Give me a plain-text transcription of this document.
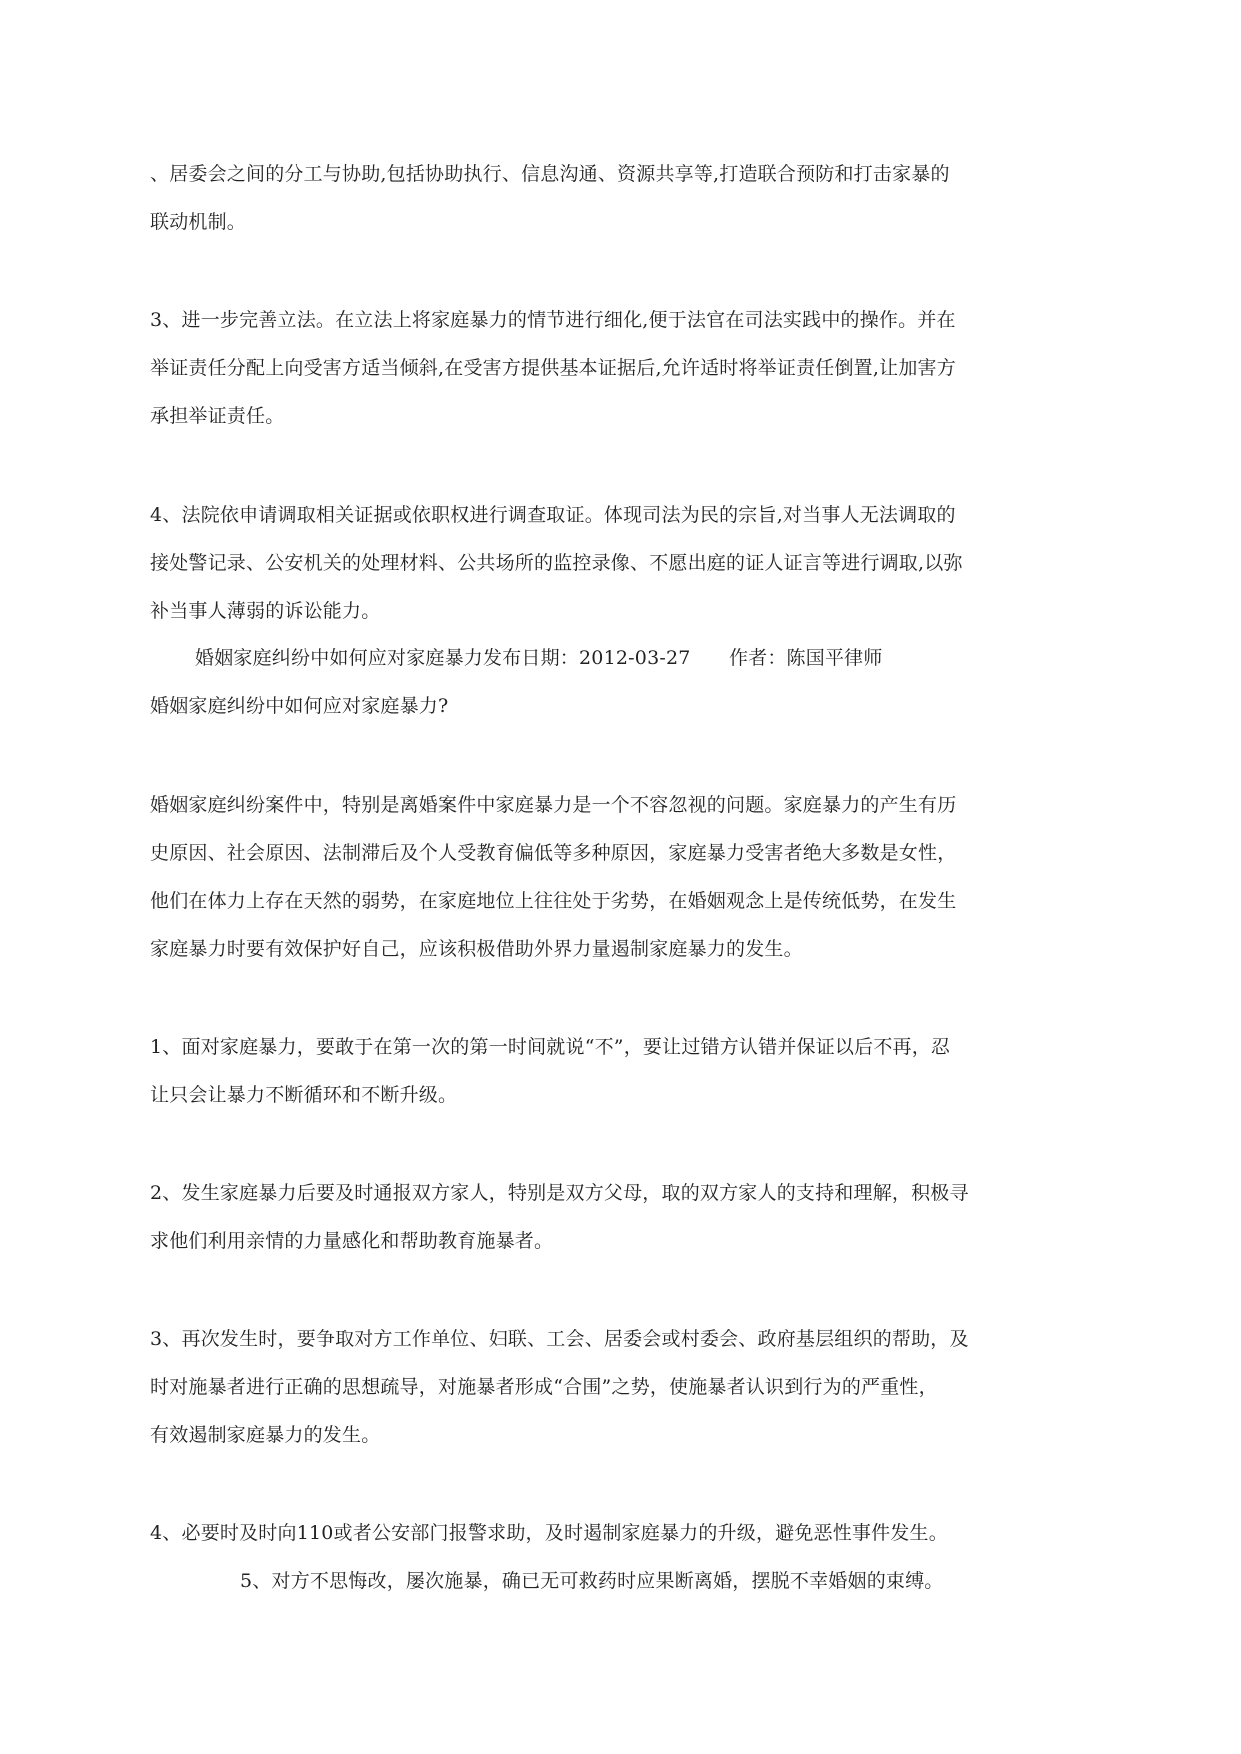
、居委会之间的分工与协助,包括协助执行、信息沟通、资源共享等,打造联合预防和打击家暴的
联动机制。
3、进一步完善立法。在立法上将家庭暴力的情节进行细化,便于法官在司法实践中的操作。并在
举证责任分配上向受害方适当倾斜,在受害方提供基本证据后,允许适时将举证责任倒置,让加害方
承担举证责任。
4、法院依申请调取相关证据或依职权进行调查取证。体现司法为民的宗旨,对当事人无法调取的
接处警记录、公安机关的处理材料、公共场所的监控录像、不愿出庭的证人证言等进行调取,以弥
补当事人薄弱的诉讼能力。
婚姻家庭纠纷中如何应对家庭暴力发布日期：2012-03-27　　作者：陈国平律师
婚姻家庭纠纷中如何应对家庭暴力?
婚姻家庭纠纷案件中，特别是离婚案件中家庭暴力是一个不容忽视的问题。家庭暴力的产生有历
史原因、社会原因、法制滞后及个人受教育偏低等多种原因，家庭暴力受害者绝大多数是女性，
他们在体力上存在天然的弱势，在家庭地位上往往处于劣势，在婚姻观念上是传统低势，在发生
家庭暴力时要有效保护好自己，应该积极借助外界力量遏制家庭暴力的发生。
1、面对家庭暴力，要敢于在第一次的第一时间就说“不”，要让过错方认错并保证以后不再，忍
让只会让暴力不断循环和不断升级。
2、发生家庭暴力后要及时通报双方家人，特别是双方父母，取的双方家人的支持和理解，积极寻
求他们利用亲情的力量感化和帮助教育施暴者。
3、再次发生时，要争取对方工作单位、妇联、工会、居委会或村委会、政府基层组织的帮助，及
时对施暴者进行正确的思想疏导，对施暴者形成“合围”之势，使施暴者认识到行为的严重性，
有效遏制家庭暴力的发生。
4、必要时及时向110或者公安部门报警求助，及时遏制家庭暴力的升级，避免恶性事件发生。
5、对方不思悔改，屡次施暴，确已无可救药时应果断离婚，摆脱不幸婚姻的束缚。
